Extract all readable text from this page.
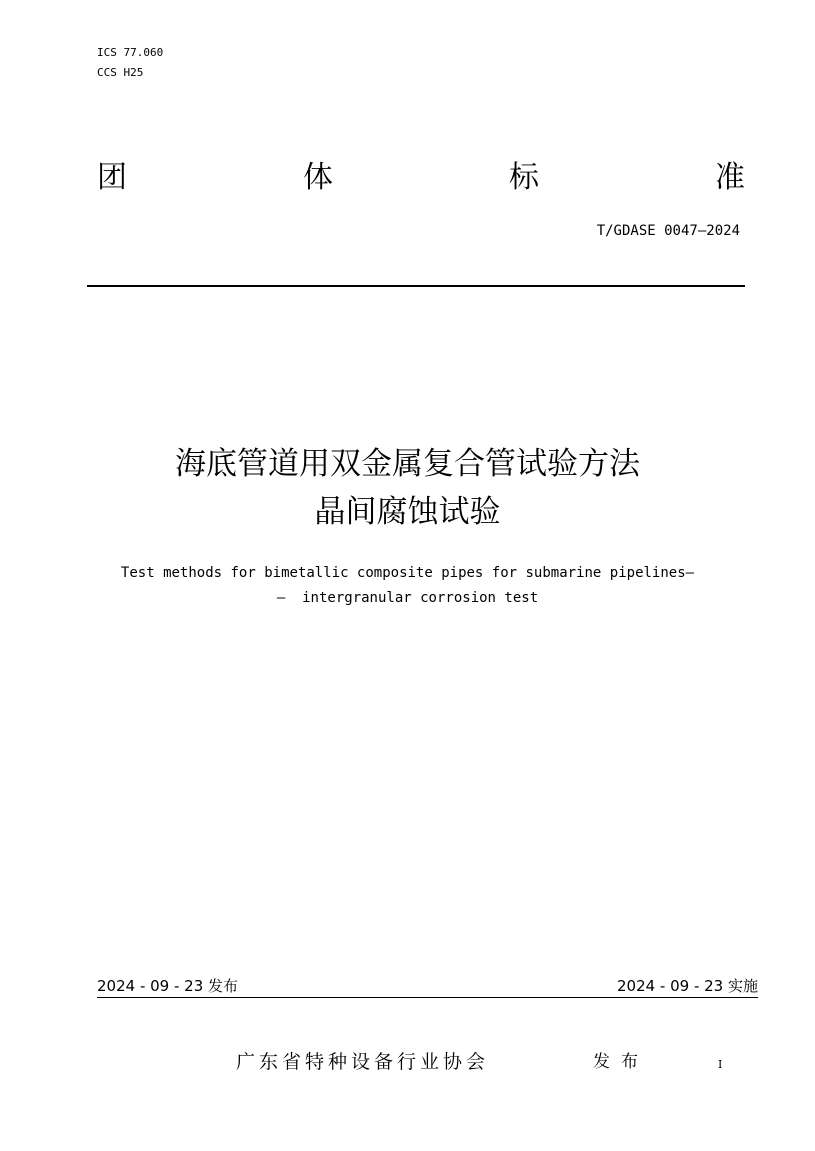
ICS 77.060
CCS H25
团	体	标	准
T/GDASE 0047—2024
海底管道用双金属复合管试验方法
晶间腐蚀试验
Test methods for bimetallic composite pipes for submarine pipelines—
—  intergranular corrosion test
2024 - 09 - 23 发布	2024 - 09 - 23 实施
广东省特种设备行业协会	发布	I
